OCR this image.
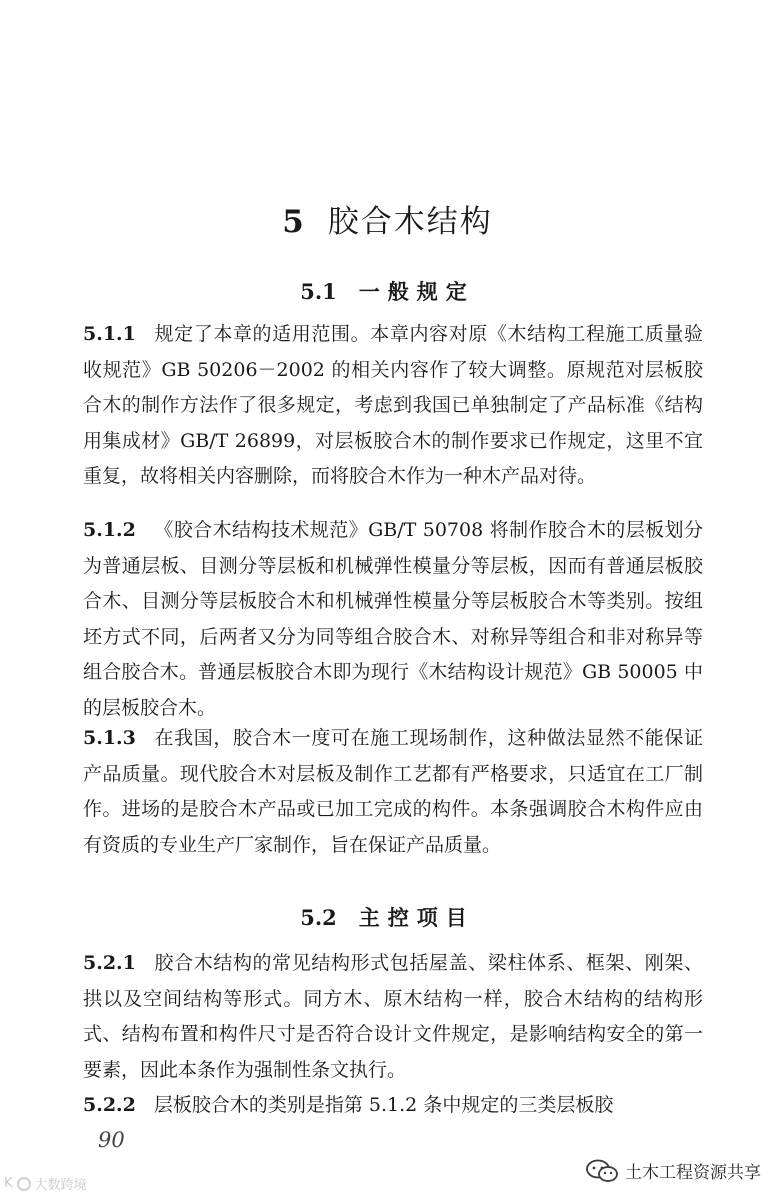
5 胶合木结构
5.1 一般规定
5.1.1 规定了本章的适用范围。本章内容对原《木结构工程施工质量验收规范》GB 50206－2002 的相关内容作了较大调整。原规范对层板胶合木的制作方法作了很多规定，考虑到我国已单独制定了产品标准《结构用集成材》GB/T 26899，对层板胶合木的制作要求已作规定，这里不宜重复，故将相关内容删除，而将胶合木作为一种木产品对待。
5.1.2 《胶合木结构技术规范》GB/T 50708 将制作胶合木的层板划分为普通层板、目测分等层板和机械弹性模量分等层板，因而有普通层板胶合木、目测分等层板胶合木和机械弹性模量分等层板胶合木等类别。按组坯方式不同，后两者又分为同等组合胶合木、对称异等组合和非对称异等组合胶合木。普通层板胶合木即为现行《木结构设计规范》GB 50005 中的层板胶合木。
5.1.3 在我国，胶合木一度可在施工现场制作，这种做法显然不能保证产品质量。现代胶合木对层板及制作工艺都有严格要求，只适宜在工厂制作。进场的是胶合木产品或已加工完成的构件。本条强调胶合木构件应由有资质的专业生产厂家制作，旨在保证产品质量。
5.2 主控项目
5.2.1 胶合木结构的常见结构形式包括屋盖、梁柱体系、框架、刚架、拱以及空间结构等形式。同方木、原木结构一样，胶合木结构的结构形式、结构布置和构件尺寸是否符合设计文件规定，是影响结构安全的第一要素，因此本条作为强制性条文执行。
5.2.2 层板胶合木的类别是指第 5.1.2 条中规定的三类层板胶
90
K 大数跨境
土木工程资源共享
